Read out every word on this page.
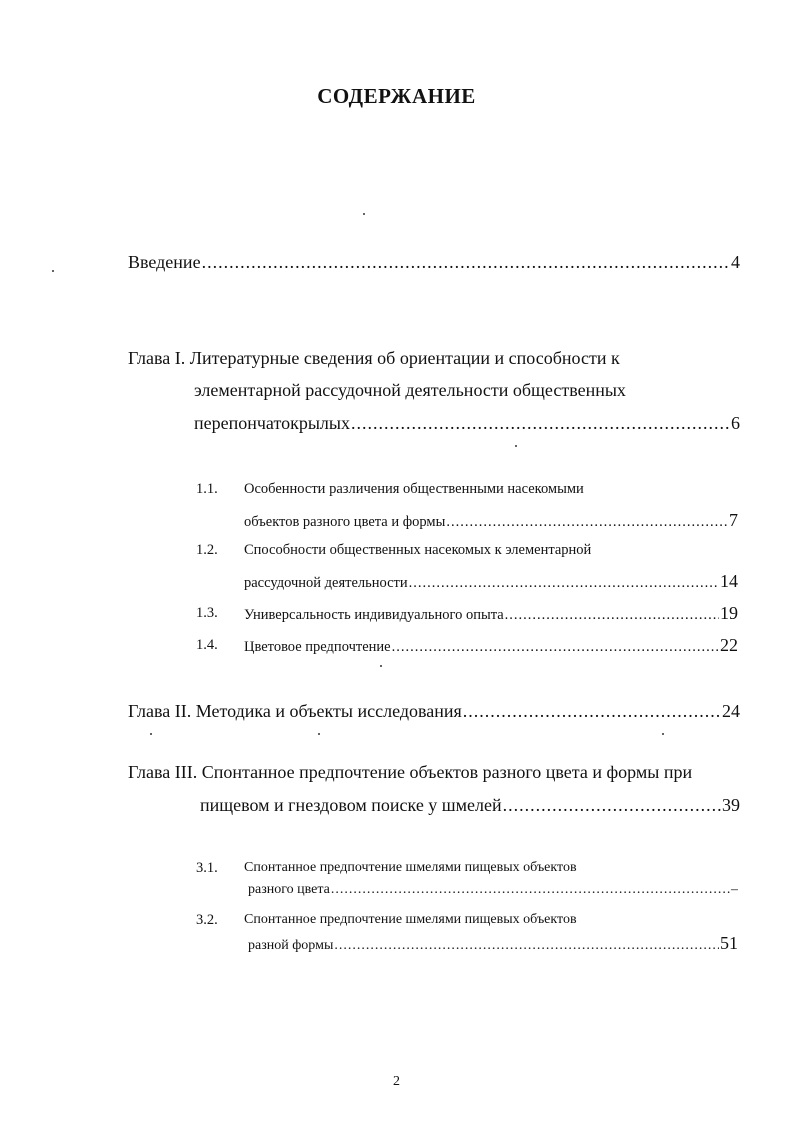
СОДЕРЖАНИЕ
Введение .....	4
Глава I. Литературные сведения об ориентации и способности к
элементарной рассудочной деятельности общественных
перепончатокрылых .....	6
1.1. Особенности различения общественными насекомыми
объектов разного цвета и формы .....	7
1.2. Способности общественных насекомых к элементарной
рассудочной деятельности .....	14
1.3. Универсальность индивидуального опыта .....	19
1.4. Цветовое предпочтение .....	22
Глава II. Методика и объекты исследования .....	24
Глава III. Спонтанное предпочтение объектов разного цвета и формы при
пищевом и гнездовом поиске у шмелей .....	39
3.1. Спонтанное предпочтение шмелями пищевых объектов
разного цвета .....	–
3.2. Спонтанное предпочтение шмелями пищевых объектов
разной формы .....	51
2
